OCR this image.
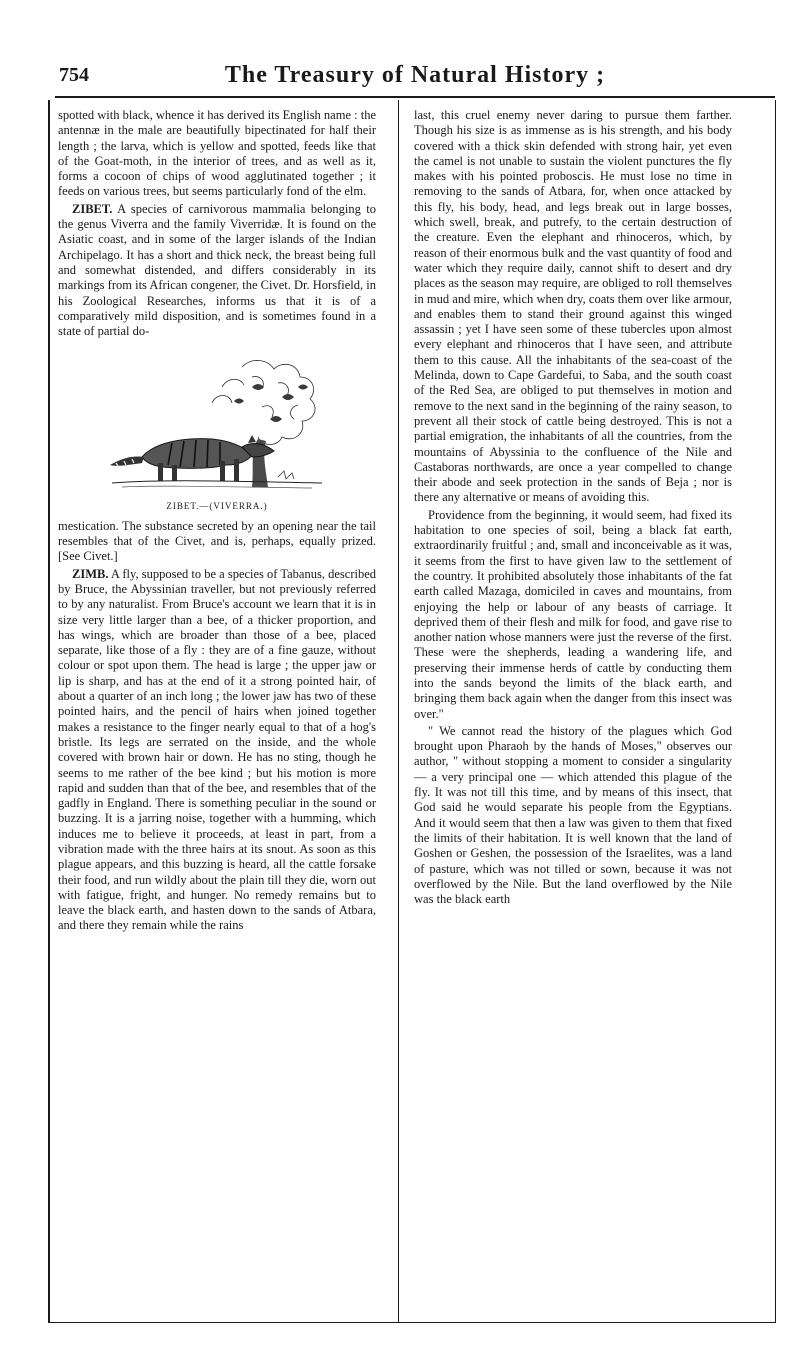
754	The Treasury of Natural History ;

spotted with black, whence it has derived its English name : the antennæ in the male are beautifully bipectinated for half their length ; the larva, which is yellow and spotted, feeds like that of the Goat-moth, in the interior of trees, and as well as it, forms a cocoon of chips of wood agglutinated together ; it feeds on various trees, but seems particularly fond of the elm.

ZIBET. A species of carnivorous mammalia belonging to the genus Viverra and the family Viverridæ. It is found on the Asiatic coast, and in some of the larger islands of the Indian Archipelago. It has a short and thick neck, the breast being full and somewhat distended, and differs considerably in its markings from its African congener, the Civet. Dr. Horsfield, in his Zoological Researches, informs us that it is of a comparatively mild disposition, and is sometimes found in a state of partial do-

ZIBET.—(VIVERRA.)

mestication. The substance secreted by an opening near the tail resembles that of the Civet, and is, perhaps, equally prized. [See Civet.]

ZIMB. A fly, supposed to be a species of Tabanus, described by Bruce, the Abyssinian traveller, but not previously referred to by any naturalist. From Bruce's account we learn that it is in size very little larger than a bee, of a thicker proportion, and has wings, which are broader than those of a bee, placed separate, like those of a fly : they are of a fine gauze, without colour or spot upon them. The head is large ; the upper jaw or lip is sharp, and has at the end of it a strong pointed hair, of about a quarter of an inch long ; the lower jaw has two of these pointed hairs, and the pencil of hairs when joined together makes a resistance to the finger nearly equal to that of a hog's bristle. Its legs are serrated on the inside, and the whole covered with brown hair or down. He has no sting, though he seems to me rather of the bee kind ; but his motion is more rapid and sudden than that of the bee, and resembles that of the gadfly in England. There is something peculiar in the sound or buzzing. It is a jarring noise, together with a humming, which induces me to believe it proceeds, at least in part, from a vibration made with the three hairs at its snout. As soon as this plague appears, and this buzzing is heard, all the cattle forsake their food, and run wildly about the plain till they die, worn out with fatigue, fright, and hunger. No remedy remains but to leave the black earth, and hasten down to the sands of Atbara, and there they remain while the rains

last, this cruel enemy never daring to pursue them farther. Though his size is as immense as is his strength, and his body covered with a thick skin defended with strong hair, yet even the camel is not unable to sustain the violent punctures the fly makes with his pointed proboscis. He must lose no time in removing to the sands of Atbara, for, when once attacked by this fly, his body, head, and legs break out in large bosses, which swell, break, and putrefy, to the certain destruction of the creature. Even the elephant and rhinoceros, which, by reason of their enormous bulk and the vast quantity of food and water which they require daily, cannot shift to desert and dry places as the season may require, are obliged to roll themselves in mud and mire, which when dry, coats them over like armour, and enables them to stand their ground against this winged assassin ; yet I have seen some of these tubercles upon almost every elephant and rhinoceros that I have seen, and attribute them to this cause. All the inhabitants of the sea-coast of the Melinda, down to Cape Gardefui, to Saba, and the south coast of the Red Sea, are obliged to put themselves in motion and remove to the next sand in the beginning of the rainy season, to prevent all their stock of cattle being destroyed. This is not a partial emigration, the inhabitants of all the countries, from the mountains of Abyssinia to the confluence of the Nile and Castaboras northwards, are once a year compelled to change their abode and seek protection in the sands of Beja ; nor is there any alternative or means of avoiding this.

Providence from the beginning, it would seem, had fixed its habitation to one species of soil, being a black fat earth, extraordinarily fruitful ; and, small and inconceivable as it was, it seems from the first to have given law to the settlement of the country. It prohibited absolutely those inhabitants of the fat earth called Mazaga, domiciled in caves and mountains, from enjoying the help or labour of any beasts of carriage. It deprived them of their flesh and milk for food, and gave rise to another nation whose manners were just the reverse of the first. These were the shepherds, leading a wandering life, and preserving their immense herds of cattle by conducting them into the sands beyond the limits of the black earth, and bringing them back again when the danger from this insect was over."

" We cannot read the history of the plagues which God brought upon Pharaoh by the hands of Moses," observes our author, " without stopping a moment to consider a singularity — a very principal one — which attended this plague of the fly. It was not till this time, and by means of this insect, that God said he would separate his people from the Egyptians. And it would seem that then a law was given to them that fixed the limits of their habitation. It is well known that the land of Goshen or Geshen, the possession of the Israelites, was a land of pasture, which was not tilled or sown, because it was not overflowed by the Nile. But the land overflowed by the Nile was the black earth
